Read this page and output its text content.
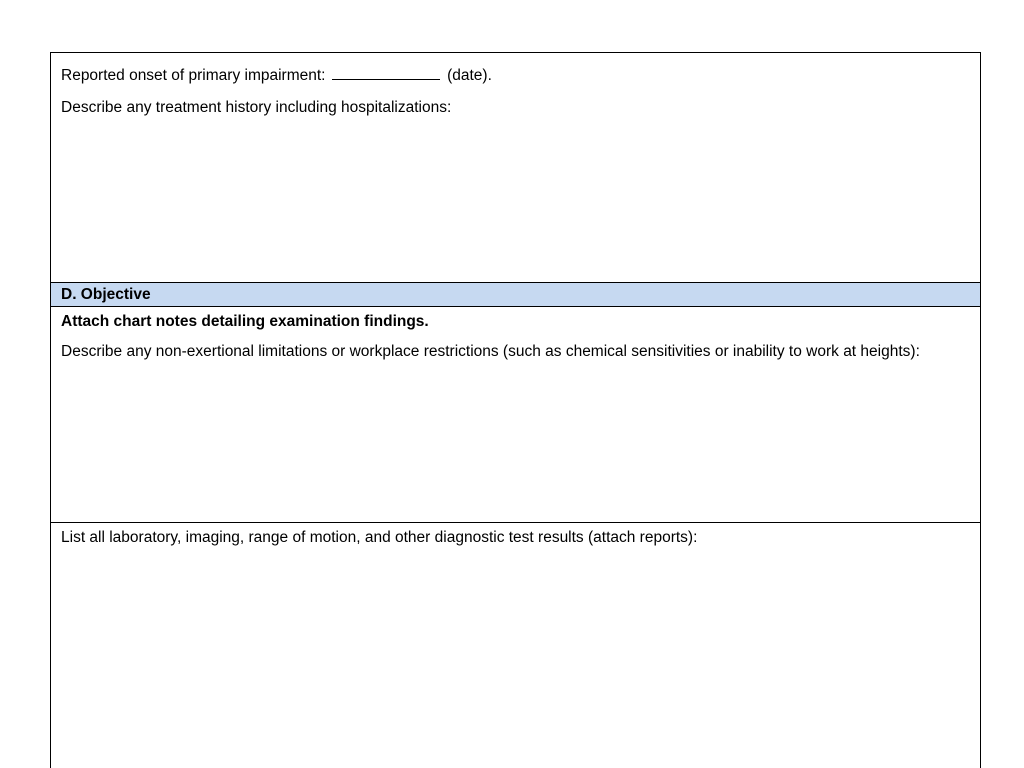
Reported onset of primary impairment:	(date).
Describe any treatment history including hospitalizations:
D. Objective
Attach chart notes detailing examination findings.
Describe any non-exertional limitations or workplace restrictions (such as chemical sensitivities or inability to work at heights):
List all laboratory, imaging, range of motion, and other diagnostic test results (attach reports):
